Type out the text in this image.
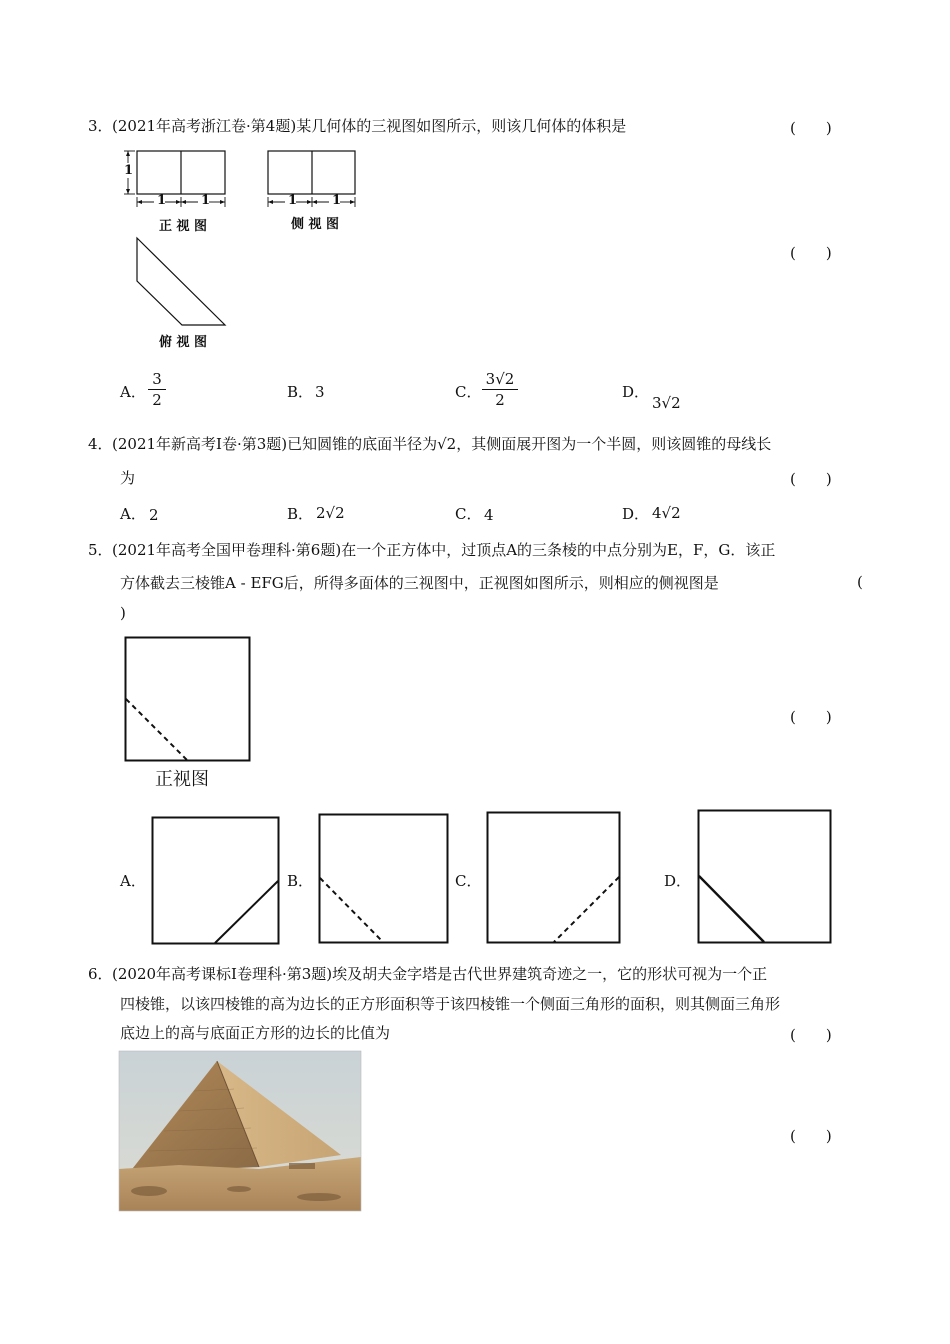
3． (2021年高考浙江卷·第4题)某几何体的三视图如图所示，则该几何体的体积是	(　　)
1
1	1	1	1
正 视 图	侧 视 图
俯 视 图
(　　)
A．
3
2	B． 3	C．
3√2
2	D．
3√2
4． (2021年新高考Ⅰ卷·第3题)已知圆锥的底面半径为√2，其侧面展开图为一个半圆，则该圆锥的母线长
为	(　　)
A． 2	B． 2√2	C． 4	D． 4√2
5． (2021年高考全国甲卷理科·第6题)在一个正方体中，过顶点A的三条棱的中点分别为E，F，G．该正
方体截去三棱锥A - EFG后，所得多面体的三视图中，正视图如图所示，则相应的侧视图是	(
)
正视图
(　　)
A．	B．	C．	D．
6． (2020年高考课标Ⅰ卷理科·第3题)埃及胡夫金字塔是古代世界建筑奇迹之一，它的形状可视为一个正
四棱锥，以该四棱锥的高为边长的正方形面积等于该四棱锥一个侧面三角形的面积，则其侧面三角形
底边上的高与底面正方形的边长的比值为	(　　)
(　　)
